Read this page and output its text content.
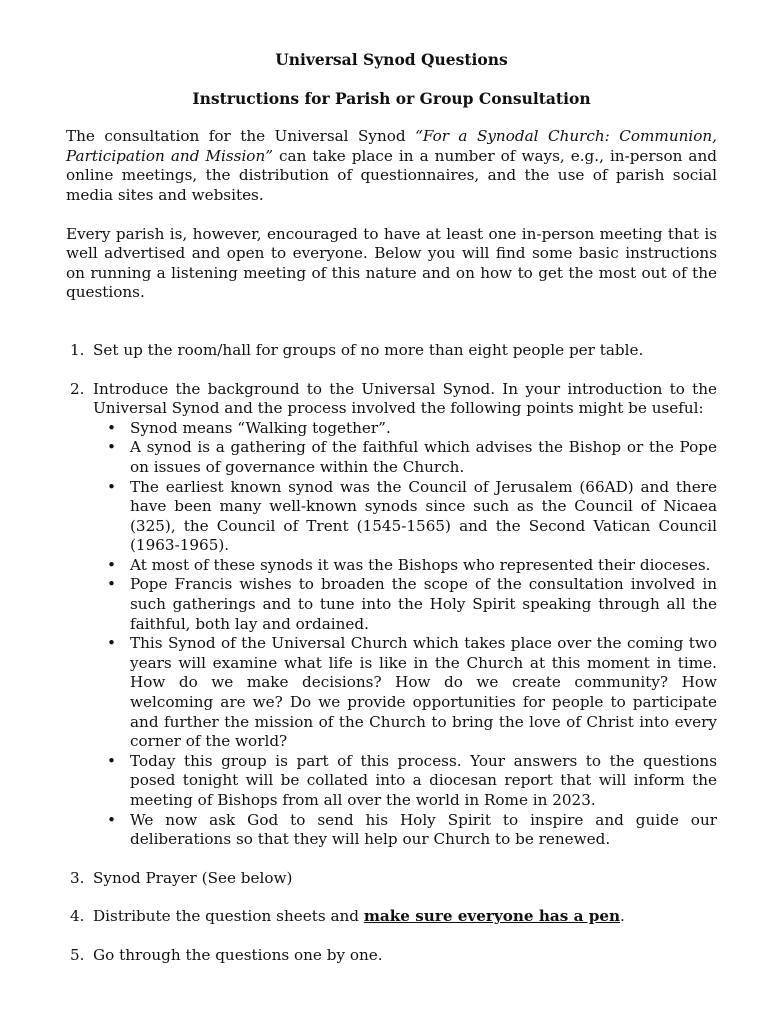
Universal Synod Questions
Instructions for Parish or Group Consultation

The consultation for the Universal Synod “For a Synodal Church: Communion, Participation and Mission” can take place in a number of ways, e.g., in-person and online meetings, the distribution of questionnaires, and the use of parish social media sites and websites.

Every parish is, however, encouraged to have at least one in-person meeting that is well advertised and open to everyone. Below you will find some basic instructions on running a listening meeting of this nature and on how to get the most out of the questions.

1. Set up the room/hall for groups of no more than eight people per table.
2. Introduce the background to the Universal Synod. In your introduction to the Universal Synod and the process involved the following points might be useful:
• Synod means “Walking together”.
• A synod is a gathering of the faithful which advises the Bishop or the Pope on issues of governance within the Church.
• The earliest known synod was the Council of Jerusalem (66AD) and there have been many well-known synods since such as the Council of Nicaea (325), the Council of Trent (1545-1565) and the Second Vatican Council (1963-1965).
• At most of these synods it was the Bishops who represented their dioceses.
• Pope Francis wishes to broaden the scope of the consultation involved in such gatherings and to tune into the Holy Spirit speaking through all the faithful, both lay and ordained.
• This Synod of the Universal Church which takes place over the coming two years will examine what life is like in the Church at this moment in time. How do we make decisions? How do we create community? How welcoming are we? Do we provide opportunities for people to participate and further the mission of the Church to bring the love of Christ into every corner of the world?
• Today this group is part of this process. Your answers to the questions posed tonight will be collated into a diocesan report that will inform the meeting of Bishops from all over the world in Rome in 2023.
• We now ask God to send his Holy Spirit to inspire and guide our deliberations so that they will help our Church to be renewed.
3. Synod Prayer (See below)
4. Distribute the question sheets and make sure everyone has a pen.
5. Go through the questions one by one.
